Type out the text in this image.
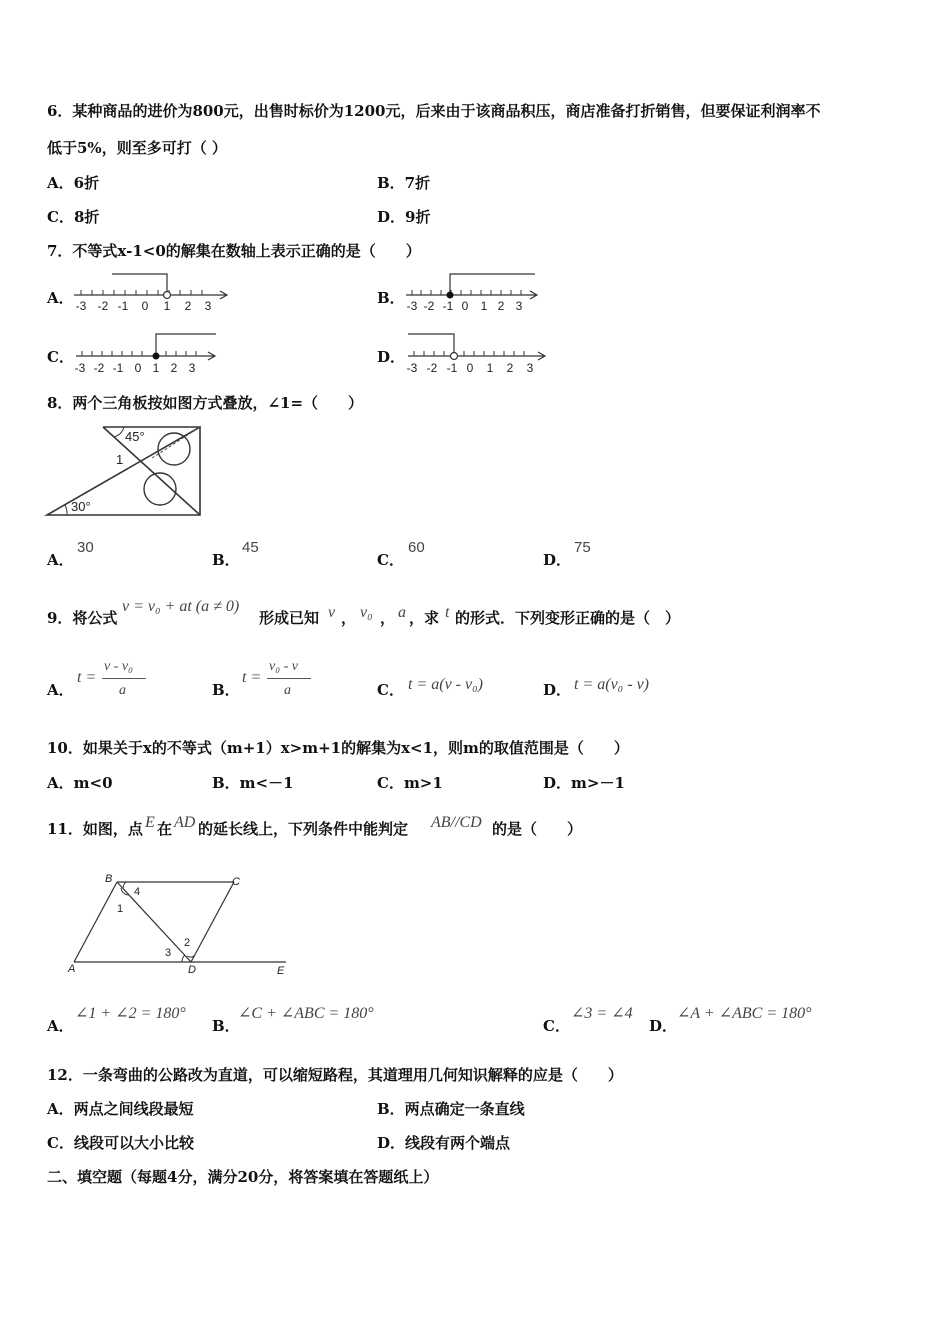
6．某种商品的进价为800元，出售时标价为1200元，后来由于该商品积压，商店准备打折销售，但要保证利润率不
低于5%，则至多可打（ ）
A．6折	B．7折
C．8折	D．9折
7．不等式x-1<0的解集在数轴上表示正确的是（　　）
A．	B．
C．	D．
-3 -2 -1 0 1 2 3	-3 -2 -1 0 1 2 3
-3 -2 -1 0 1 2 3	-3 -2 -1 0 1 2 3
8．两个三角板按如图方式叠放，∠1=（　　）
45°
1
30°
A．
30
B．
45
C．
60
D．
75
9．将公式
v = v₀ + at (a ≠ 0)
形成已知 v ， v₀ ， a ，求 t 的形式．下列变形正确的是（　）
A．
t =
v - v₀
a	B．
t =
v₀ - v
a	C． t = a(v - v₀)	D． t = a(v₀ - v)
10．如果关于x的不等式（m+1）x>m+1的解集为x<1，则m的取值范围是（　　）
A．m<0	B．m<－1	C．m>1	D．m>－1
11．如图，点 E 在 AD 的延长线上，下列条件中能判定 AB//CD 的是（　　）
B	C
A	D	E
1
2
3
4
A．
∠1 + ∠2 = 180°
B．
∠C + ∠ABC = 180°
C．
∠3 = ∠4
D．
∠A + ∠ABC = 180°
12．一条弯曲的公路改为直道，可以缩短路程，其道理用几何知识解释的应是（　　）
A．两点之间线段最短	B．两点确定一条直线
C．线段可以大小比较	D．线段有两个端点
二、填空题（每题4分，满分20分，将答案填在答题纸上）
